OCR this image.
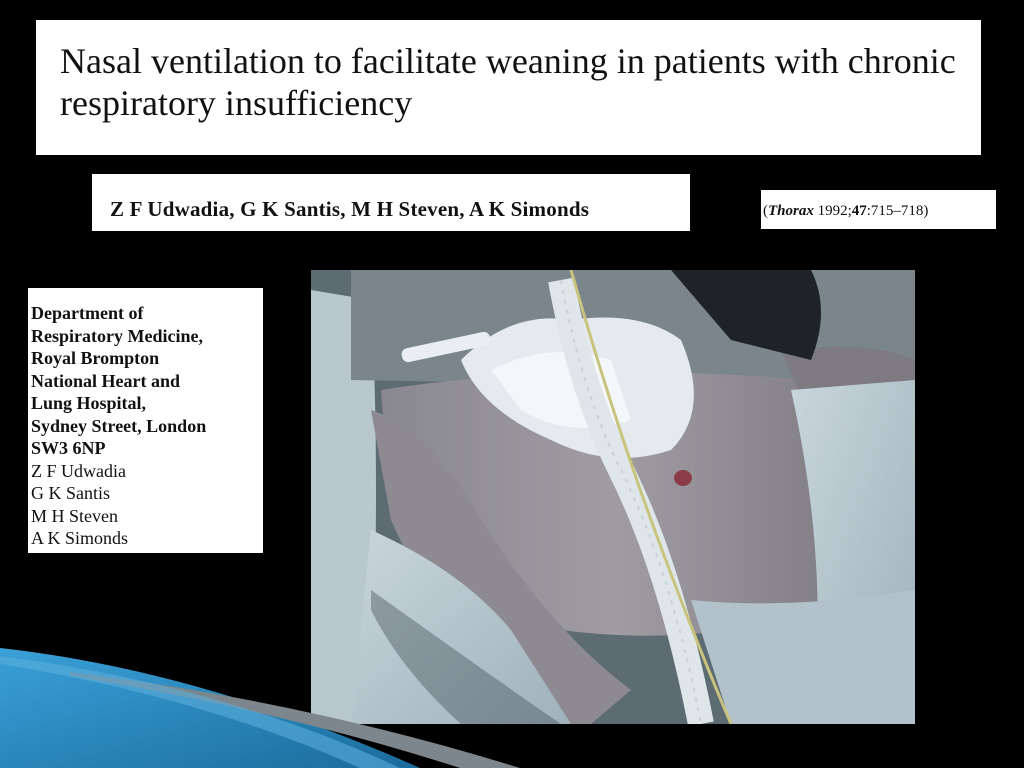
Nasal ventilation to facilitate weaning in patients with chronic respiratory insufficiency
Z F Udwadia, G K Santis, M H Steven, A K Simonds	(Thorax 1992;47:715–718)
Department of
Respiratory Medicine,
Royal Brompton
National Heart and
Lung Hospital,
Sydney Street, London
SW3 6NP
Z F Udwadia
G K Santis
M H Steven
A K Simonds
